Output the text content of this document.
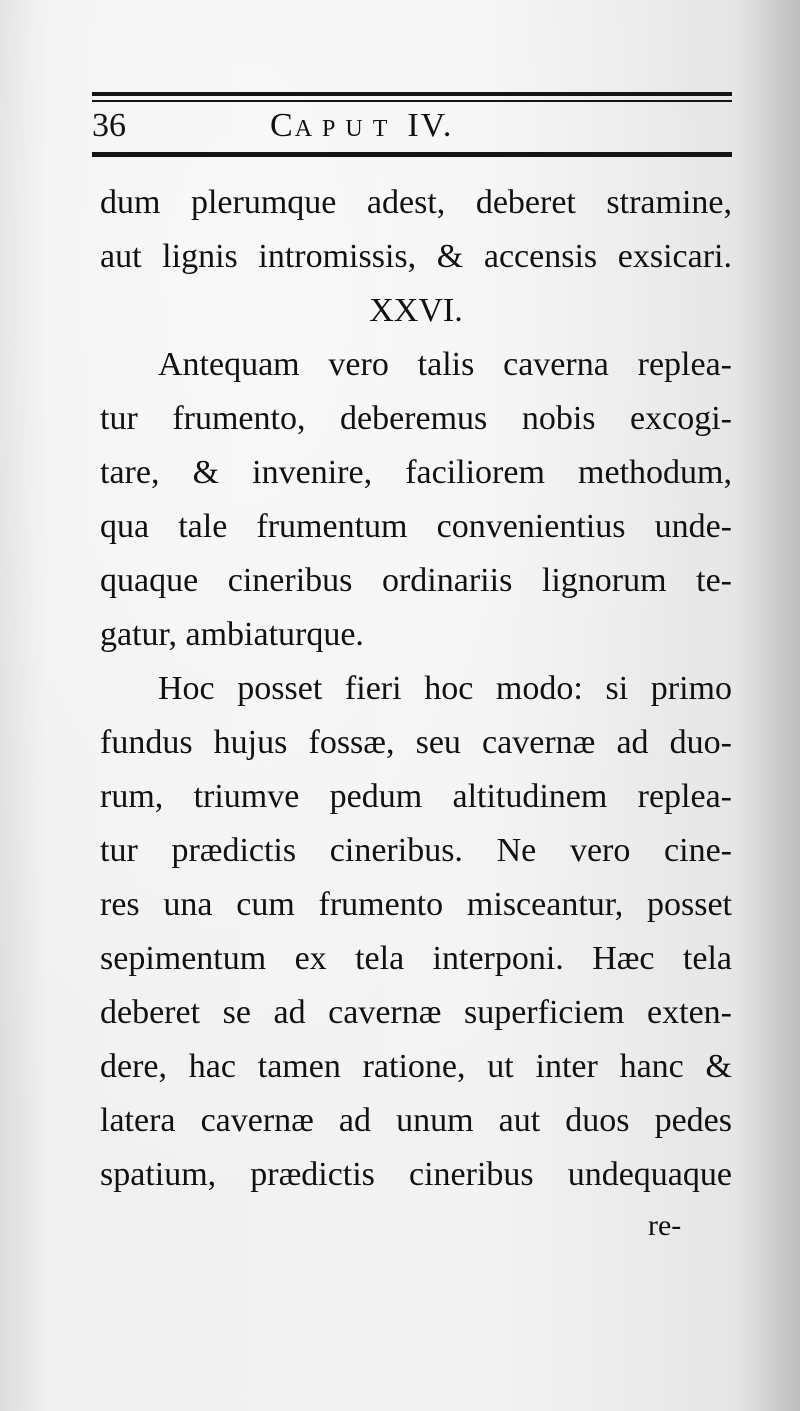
36	CAPUT IV.
dum plerumque adest, deberet stramine,
aut lignis intromissis, & accensis exsicari.
XXVI.
Antequam vero talis caverna replea-
tur frumento, deberemus nobis excogi-
tare, & invenire, faciliorem methodum,
qua tale frumentum convenientius unde-
quaque cineribus ordinariis lignorum te-
gatur, ambiaturque.
Hoc posset fieri hoc modo: si primo
fundus hujus fossæ, seu cavernæ ad duo-
rum, triumve pedum altitudinem replea-
tur prædictis cineribus. Ne vero cine-
res una cum frumento misceantur, posset
sepimentum ex tela interponi. Hæc tela
deberet se ad cavernæ superficiem exten-
dere, hac tamen ratione, ut inter hanc &
latera cavernæ ad unum aut duos pedes
spatium, prædictis cineribus undequaque
re-
